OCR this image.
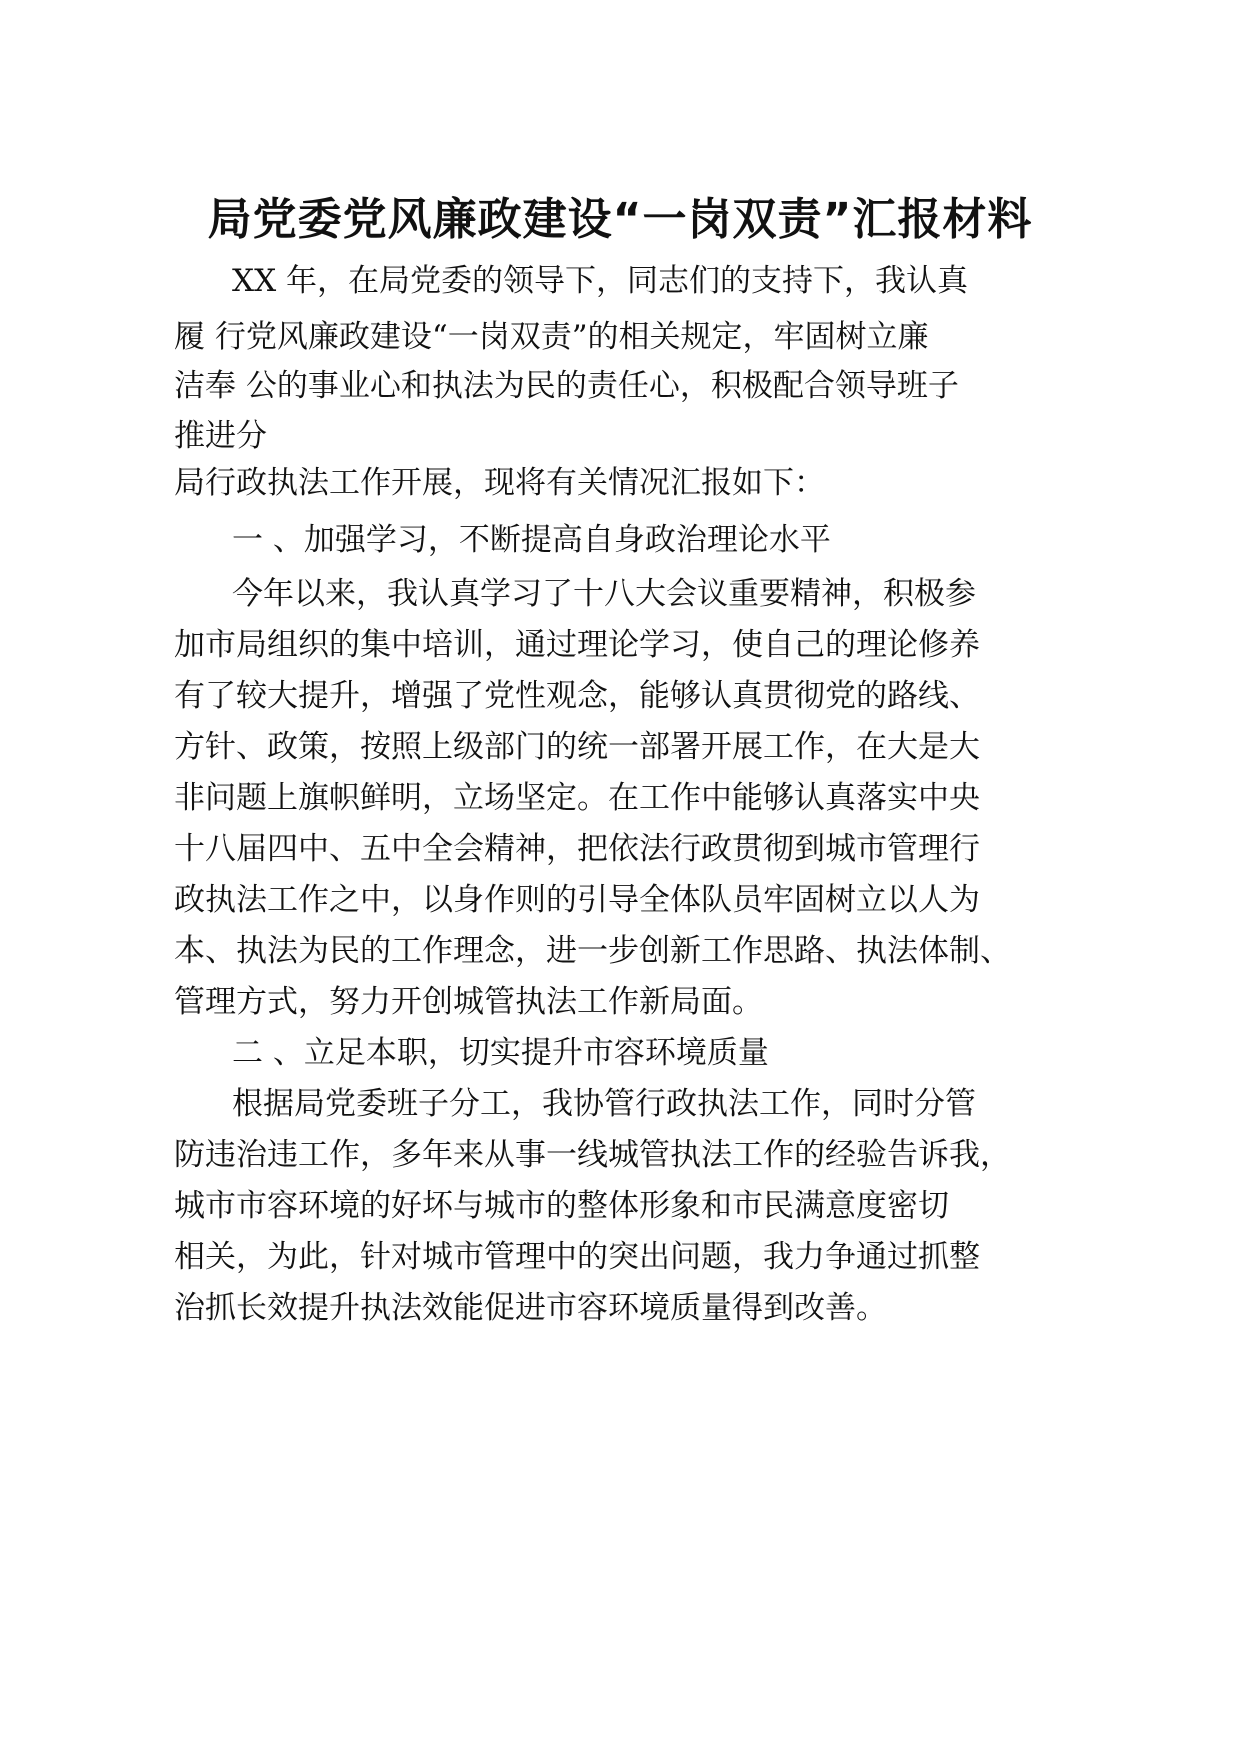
局党委党风廉政建设“一岗双责”汇报材料
XX 年，在局党委的领导下，同志们的支持下，我认真
履 行党风廉政建设“一岗双责”的相关规定，牢固树立廉
洁奉 公的事业心和执法为民的责任心，积极配合领导班子
推进分
局行政执法工作开展，现将有关情况汇报如下：
一 、加强学习，不断提高自身政治理论水平
今年以来，我认真学习了十八大会议重要精神，积极参
加市局组织的集中培训，通过理论学习，使自己的理论修养
有了较大提升，增强了党性观念，能够认真贯彻党的路线、
方针、政策，按照上级部门的统一部署开展工作，在大是大
非问题上旗帜鲜明，立场坚定。在工作中能够认真落实中央
十八届四中、五中全会精神，把依法行政贯彻到城市管理行
政执法工作之中，以身作则的引导全体队员牢固树立以人为
本、执法为民的工作理念，进一步创新工作思路、执法体制、
管理方式，努力开创城管执法工作新局面。
二 、立足本职，切实提升市容环境质量
根据局党委班子分工，我协管行政执法工作，同时分管
防违治违工作，多年来从事一线城管执法工作的经验告诉我，
城市市容环境的好坏与城市的整体形象和市民满意度密切
相关，为此，针对城市管理中的突出问题，我力争通过抓整
治抓长效提升执法效能促进市容环境质量得到改善。
